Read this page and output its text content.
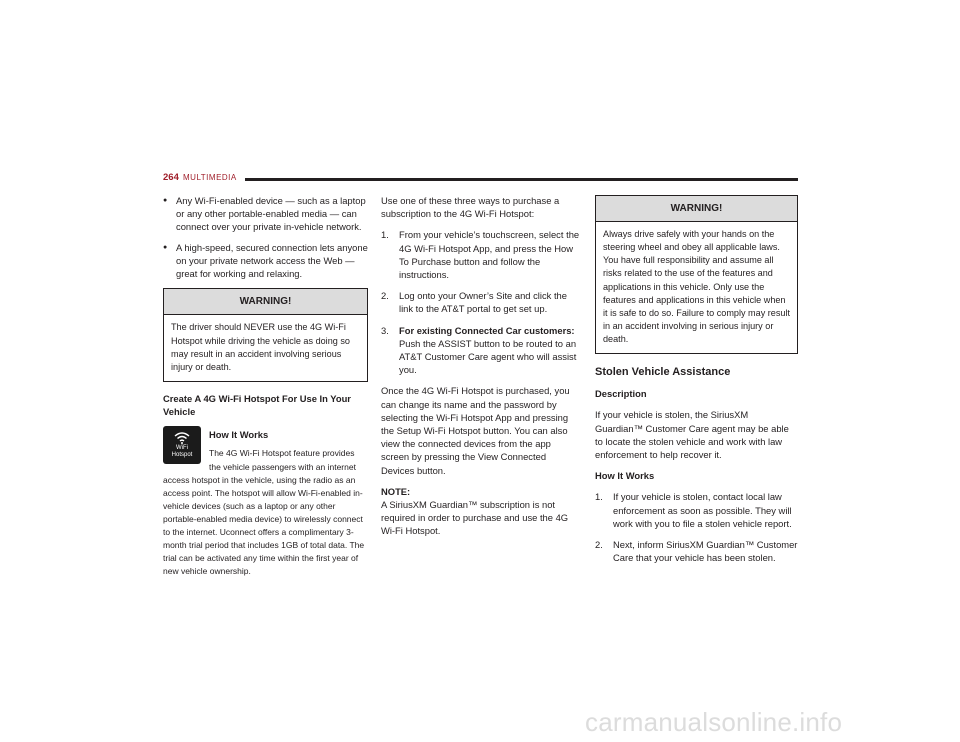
264 MULTIMEDIA
● Any Wi-Fi-enabled device — such as a laptop or any other portable-enabled media — can connect over your private in-vehicle network.
● A high-speed, secured connection lets anyone on your private network access the Web — great for working and relaxing.
WARNING!
The driver should NEVER use the 4G Wi-Fi Hotspot while driving the vehicle as doing so may result in an accident involving serious injury or death.
Create A 4G Wi-Fi Hotspot For Use In Your Vehicle
WiFi
Hotspot
How It Works
The 4G Wi-Fi Hotspot feature provides the vehicle passengers with an internet access hotspot in the vehicle, using the radio as an access point. The hotspot will allow Wi-Fi-enabled in-vehicle devices (such as a laptop or any other portable-enabled media device) to wirelessly connect to the internet. Uconnect offers a complimentary 3-month trial period that includes 1GB of total data. The trial can be activated any time within the first year of new vehicle ownership.

Use one of these three ways to purchase a subscription to the 4G Wi-Fi Hotspot:

1. From your vehicle’s touchscreen, select the 4G Wi-Fi Hotspot App, and press the How To Purchase button and follow the instructions.
2. Log onto your Owner’s Site and click the link to the AT&T portal to get set up.
3. For existing Connected Car customers:
Push the ASSIST button to be routed to an AT&T Customer Care agent who will assist you.

Once the 4G Wi-Fi Hotspot is purchased, you can change its name and the password by selecting the Wi-Fi Hotspot App and pressing the Setup Wi-Fi Hotspot button. You can also view the connected devices from the app screen by pressing the View Connected Devices button.

NOTE:

A SiriusXM Guardian™ subscription is not required in order to purchase and use the 4G Wi-Fi Hotspot.

WARNING!
Always drive safely with your hands on the steering wheel and obey all applicable laws. You have full responsibility and assume all risks related to the use of the features and applications in this vehicle. Only use the features and applications in this vehicle when it is safe to do so. Failure to comply may result in an accident involving in serious injury or death.
Stolen Vehicle Assistance
Description

If your vehicle is stolen, the SiriusXM Guardian™ Customer Care agent may be able to locate the stolen vehicle and work with law enforcement to help recover it.

How It Works
1. If your vehicle is stolen, contact local law enforcement as soon as possible. They will work with you to file a stolen vehicle report.
2. Next, inform SiriusXM Guardian™ Customer Care that your vehicle has been stolen.
carmanualsonline.info
